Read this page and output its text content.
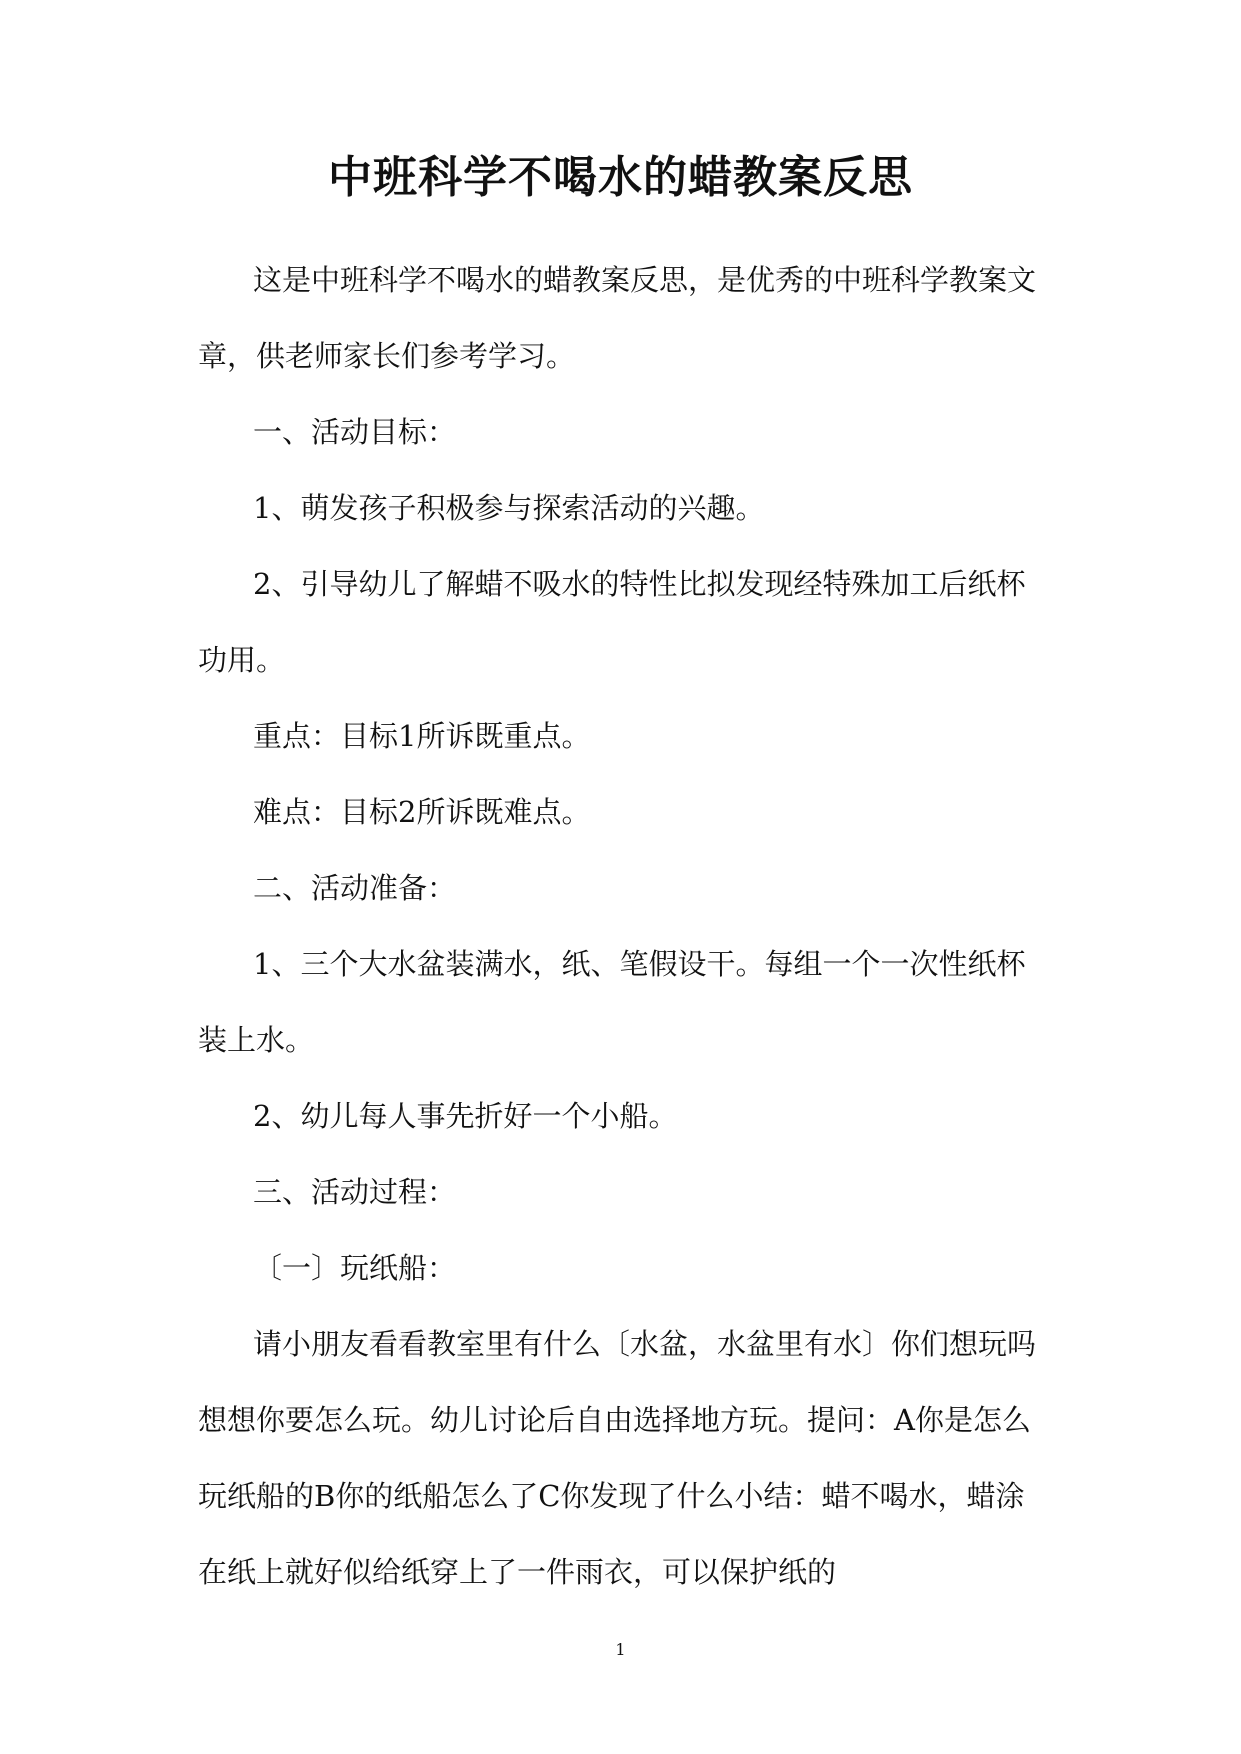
中班科学不喝水的蜡教案反思
这是中班科学不喝水的蜡教案反思，是优秀的中班科学教案文
章，供老师家长们参考学习。
一、活动目标：
1、萌发孩子积极参与探索活动的兴趣。
2、引导幼儿了解蜡不吸水的特性比拟发现经特殊加工后纸杯
功用。
重点：目标1所诉既重点。
难点：目标2所诉既难点。
二、活动准备：
1、三个大水盆装满水，纸、笔假设干。每组一个一次性纸杯
装上水。
2、幼儿每人事先折好一个小船。
三、活动过程：
〔一〕玩纸船：
请小朋友看看教室里有什么〔水盆，水盆里有水〕你们想玩吗
想想你要怎么玩。幼儿讨论后自由选择地方玩。提问：A你是怎么
玩纸船的B你的纸船怎么了C你发现了什么小结：蜡不喝水，蜡涂
在纸上就好似给纸穿上了一件雨衣，可以保护纸的
1
